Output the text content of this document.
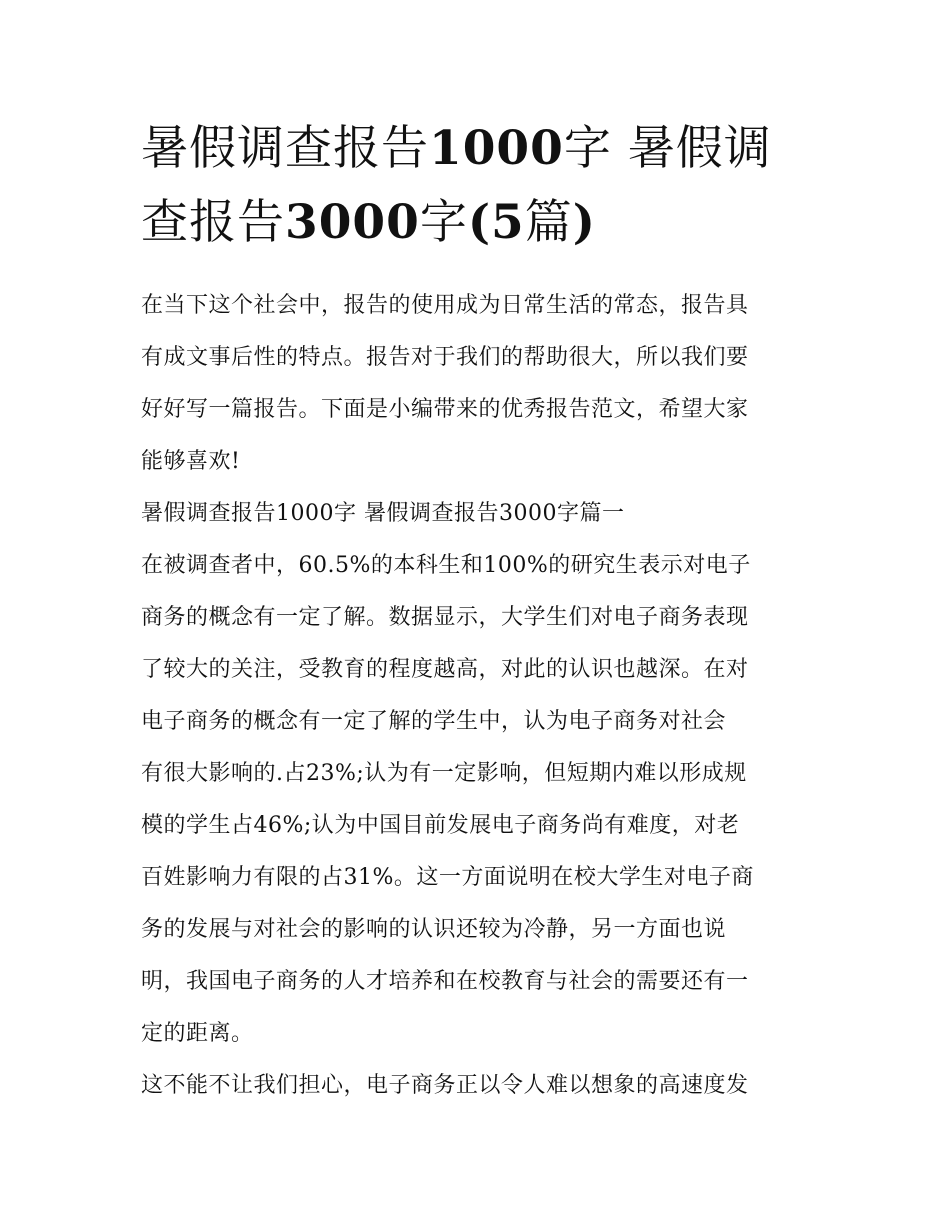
暑假调查报告1000字 暑假调
查报告3000字(5篇)

在当下这个社会中，报告的使用成为日常生活的常态，报告具
有成文事后性的特点。报告对于我们的帮助很大，所以我们要
好好写一篇报告。下面是小编带来的优秀报告范文，希望大家
能够喜欢!

暑假调查报告1000字 暑假调查报告3000字篇一

在被调查者中，60.5%的本科生和100%的研究生表示对电子
商务的概念有一定了解。数据显示，大学生们对电子商务表现
了较大的关注，受教育的程度越高，对此的认识也越深。在对
电子商务的概念有一定了解的学生中，认为电子商务对社会
有很大影响的.占23%;认为有一定影响，但短期内难以形成规
模的学生占46%;认为中国目前发展电子商务尚有难度，对老
百姓影响力有限的占31%。这一方面说明在校大学生对电子商
务的发展与对社会的影响的认识还较为冷静，另一方面也说
明，我国电子商务的人才培养和在校教育与社会的需要还有一
定的距离。

这不能不让我们担心，电子商务正以令人难以想象的高速度发
